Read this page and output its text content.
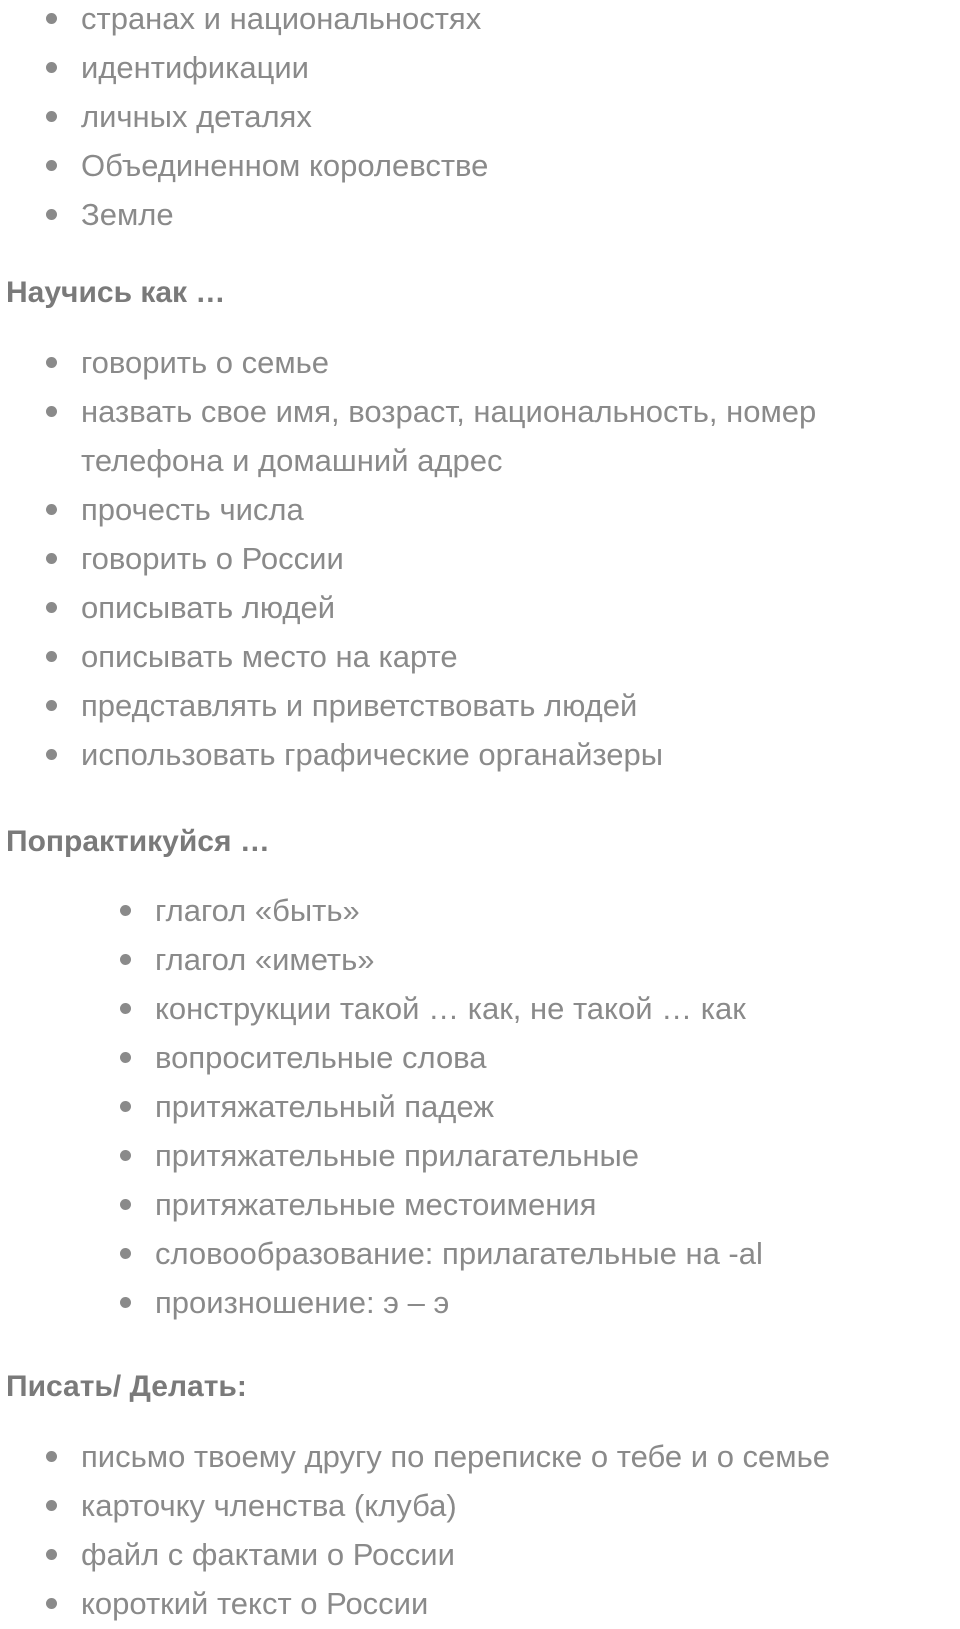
странах и национальностях
идентификации
личных деталях
Объединенном королевстве
Земле
Научись как …
говорить о семье
назвать свое имя, возраст, национальность, номер телефона и домашний адрес
прочесть числа
говорить о России
описывать людей
описывать место на карте
представлять и приветствовать людей
использовать графические органайзеры
Попрактикуйся …
глагол «быть»
глагол «иметь»
конструкции такой … как, не такой … как
вопросительные слова
притяжательный падеж
притяжательные прилагательные
притяжательные местоимения
словообразование: прилагательные на -al
произношение: э – э
Писать/ Делать:
письмо твоему другу по переписке о тебе и о семье
карточку членства (клуба)
файл с фактами о России
короткий текст о России
